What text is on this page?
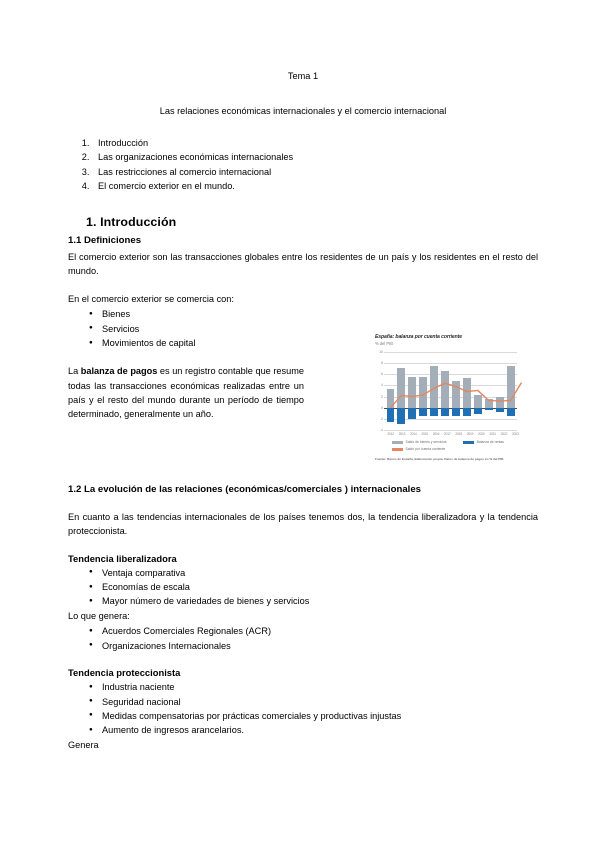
Tema 1
Las relaciones económicas internacionales y el comercio internacional
1. Introducción
2. Las organizaciones económicas internacionales
3. Las restricciones al comercio internacional
4. El comercio exterior en el mundo.
1. Introducción
1.1 Definiciones

El comercio exterior son las transacciones globales entre los residentes de un país y los residentes en el resto del mundo.

En el comercio exterior se comercia con:

● Bienes
● Servicios
● Movimientos de capital

La balanza de pagos es un registro contable que resume todas las transacciones económicas realizadas entre un país y el resto del mundo durante un período de tiempo determinado, generalmente un año.

1.2 La evolución de las relaciones (económicas/comerciales ) internacionales

En cuanto a las tendencias internacionales de los países tenemos dos, la tendencia liberalizadora y la tendencia proteccionista.

Tendencia liberalizadora
● Ventaja comparativa
● Economías de escala
● Mayor número de variedades de bienes y servicios

Lo que genera:

● Acuerdos Comerciales Regionales (ACR)
● Organizaciones Internacionales
Tendencia proteccionista
● Industria naciente
● Seguridad nacional
● Medidas compensatorias por prácticas comerciales y productivas injustas
● Aumento de ingresos arancelarios.

Genera

España: balanza por cuenta corriente
% del PIB
10
8
6
4
2
0
-2
-4
2012	2013	2014	2015	2016	2017	2018	2019	2020	2021	2022	2023
Saldo de bienes y servicios	Balanza de rentas
Saldo por cuenta corriente
Fuente: Banco de España, Elaboración propia. Datos de balanza de pagos en % del PIB.
